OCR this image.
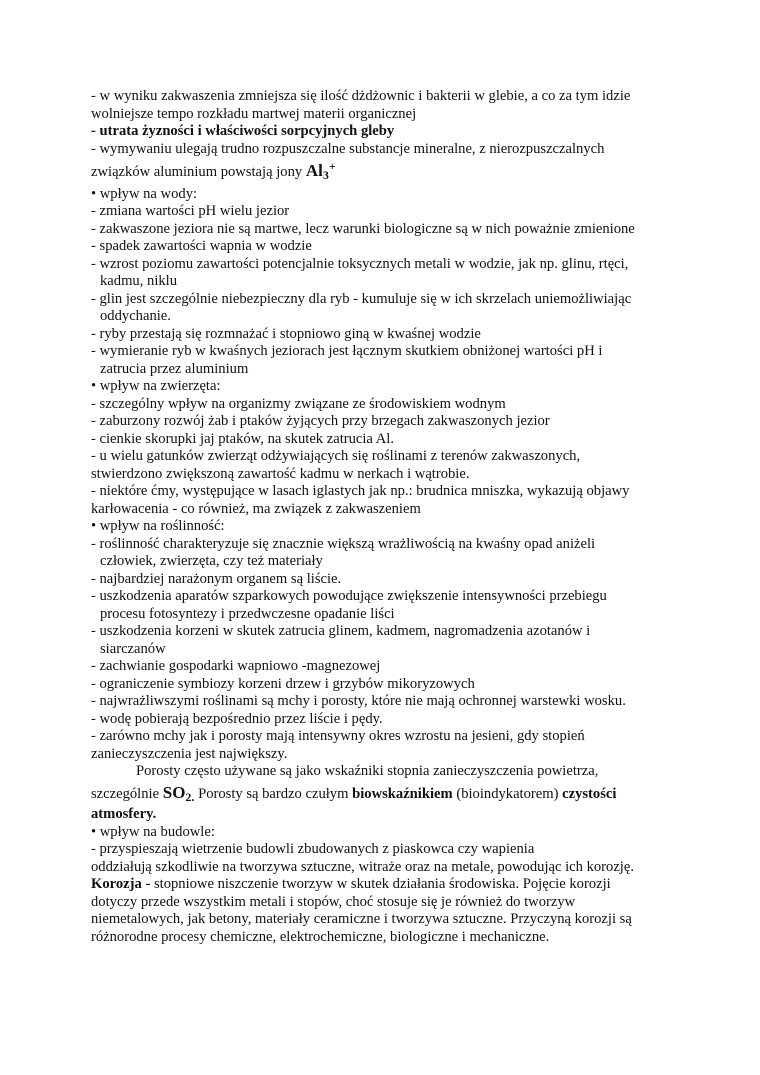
- w wyniku zakwaszenia zmniejsza się ilość dżdżownic i bakterii w glebie, a co za tym idzie

wolniejsze tempo rozkładu martwej materii organicznej

- utrata żyzności i właściwości sorpcyjnych gleby

- wymywaniu ulegają trudno rozpuszczalne substancje mineralne, z nierozpuszczalnych

związków aluminium powstają jony $Al_3^+$

• wpływ na wody:

- zmiana wartości pH wielu jezior

- zakwaszone jeziora nie są martwe, lecz warunki biologiczne są w nich poważnie zmienione

- spadek zawartości wapnia w wodzie

- wzrost poziomu zawartości potencjalnie toksycznych metali w wodzie, jak np. glinu, rtęci,

kadmu, niklu

- glin jest szczególnie niebezpieczny dla ryb - kumuluje się w ich skrzelach uniemożliwiając

oddychanie.

- ryby przestają się rozmnażać i stopniowo giną w kwaśnej wodzie

- wymieranie ryb w kwaśnych jeziorach jest łącznym skutkiem obniżonej wartości pH i

zatrucia przez aluminium

• wpływ na zwierzęta:

- szczególny wpływ na organizmy związane ze środowiskiem wodnym

- zaburzony rozwój żab i ptaków żyjących przy brzegach zakwaszonych jezior

- cienkie skorupki jaj ptaków, na skutek zatrucia Al.

- u wielu gatunków zwierząt odżywiających się roślinami z terenów zakwaszonych,

stwierdzono zwiększoną zawartość kadmu w nerkach i wątrobie.

- niektóre ćmy, występujące w lasach iglastych jak np.: brudnica mniszka, wykazują objawy

karłowacenia - co również, ma związek z zakwaszeniem

• wpływ na roślinność:

- roślinność charakteryzuje się znacznie większą wrażliwością na kwaśny opad aniżeli

człowiek, zwierzęta, czy też materiały

- najbardziej narażonym organem są liście.

- uszkodzenia aparatów szparkowych powodujące zwiększenie intensywności przebiegu

procesu fotosyntezy i przedwczesne opadanie liści

- uszkodzenia korzeni w skutek zatrucia glinem, kadmem, nagromadzenia azotanów i

siarczanów

- zachwianie gospodarki wapniowo -magnezowej

- ograniczenie symbiozy korzeni drzew i grzybów mikoryzowych

- najwrażliwszymi roślinami są mchy i porosty, które nie mają ochronnej warstewki wosku.

- wodę pobierają bezpośrednio przez liście i pędy.

- zarówno mchy jak i porosty mają intensywny okres wzrostu na jesieni, gdy stopień

zanieczyszczenia jest największy.

Porosty często używane są jako wskaźniki stopnia zanieczyszczenia powietrza,

szczególnie $SO_{2.}$ Porosty są bardzo czułym biowskaźnikiem (bioindykatorem) czystości

atmosfery.

• wpływ na budowle:

- przyspieszają wietrzenie budowli zbudowanych z piaskowca czy wapienia

oddziałują szkodliwie na tworzywa sztuczne, witraże oraz na metale, powodując ich korozję.

Korozja - stopniowe niszczenie tworzyw w skutek działania środowiska. Pojęcie korozji

dotyczy przede wszystkim metali i stopów, choć stosuje się je również do tworzyw

niemetalowych, jak betony, materiały ceramiczne i tworzywa sztuczne. Przyczyną korozji są

różnorodne procesy chemiczne, elektrochemiczne, biologiczne i mechaniczne.
